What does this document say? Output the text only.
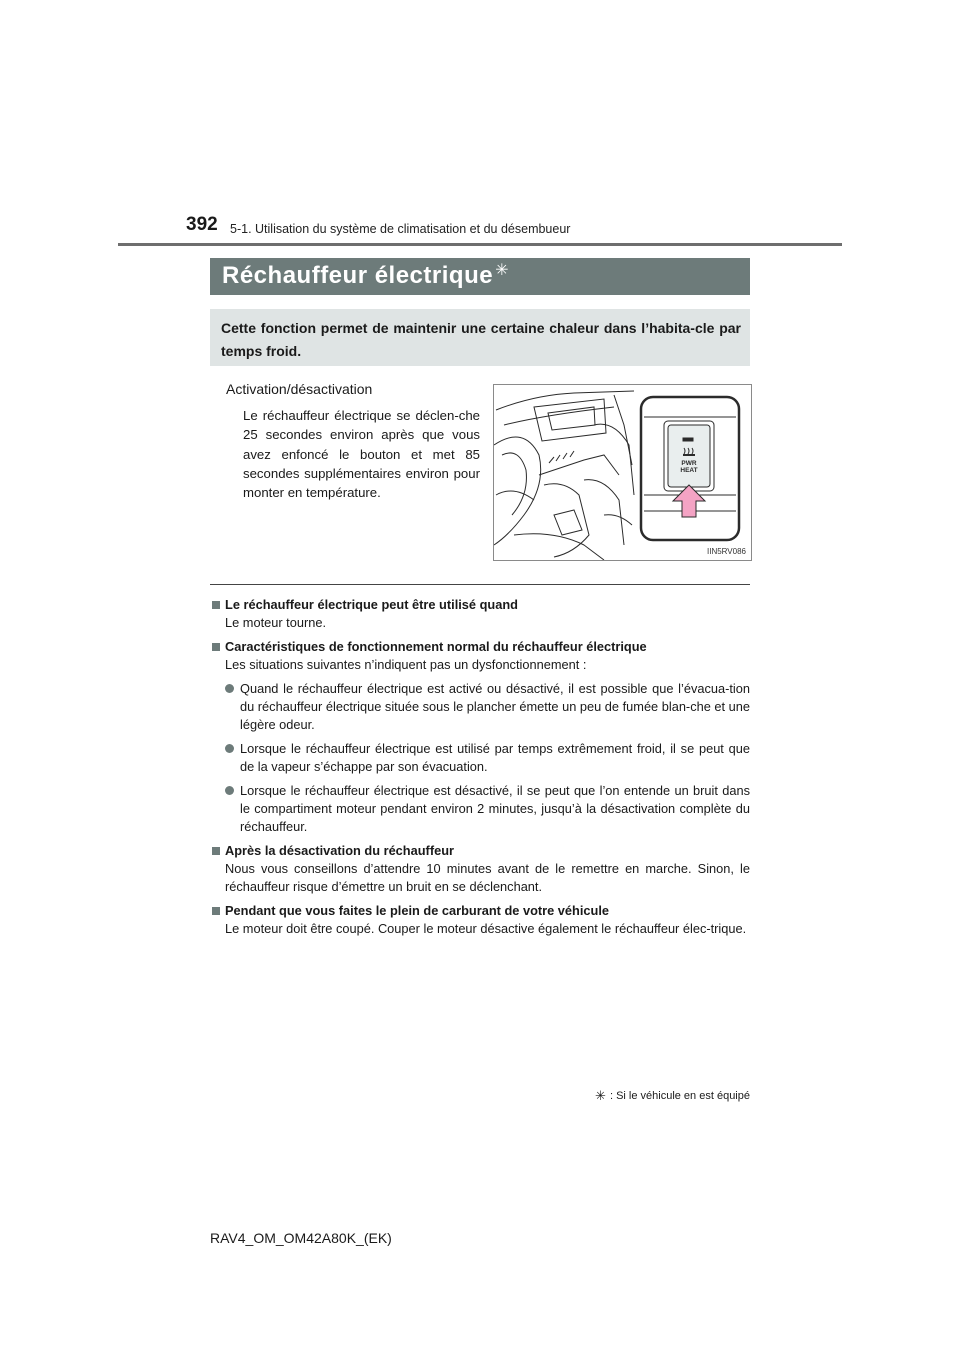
392 5-1. Utilisation du système de climatisation et du désembueur
Réchauffeur électrique ✳
Cette fonction permet de maintenir une certaine chaleur dans l’habita-cle par temps froid.
Activation/désactivation
Le réchauffeur électrique se déclen-che 25 secondes environ après que vous avez enfoncé le bouton et met 85 secondes supplémentaires environ pour monter en température.
PWR
HEAT
IIN5RV086
Le réchauffeur électrique peut être utilisé quand
Le moteur tourne.
Caractéristiques de fonctionnement normal du réchauffeur électrique
Les situations suivantes n’indiquent pas un dysfonctionnement :
Quand le réchauffeur électrique est activé ou désactivé, il est possible que l’évacua-tion du réchauffeur électrique située sous le plancher émette un peu de fumée blan-che et une légère odeur.
Lorsque le réchauffeur électrique est utilisé par temps extrêmement froid, il se peut que de la vapeur s’échappe par son évacuation.
Lorsque le réchauffeur électrique est désactivé, il se peut que l’on entende un bruit dans le compartiment moteur pendant environ 2 minutes, jusqu’à la désactivation complète du réchauffeur.
Après la désactivation du réchauffeur
Nous vous conseillons d’attendre 10 minutes avant de le remettre en marche. Sinon, le réchauffeur risque d’émettre un bruit en se déclenchant.
Pendant que vous faites le plein de carburant de votre véhicule
Le moteur doit être coupé. Couper le moteur désactive également le réchauffeur élec-trique.
✳ : Si le véhicule en est équipé
RAV4_OM_OM42A80K_(EK)
